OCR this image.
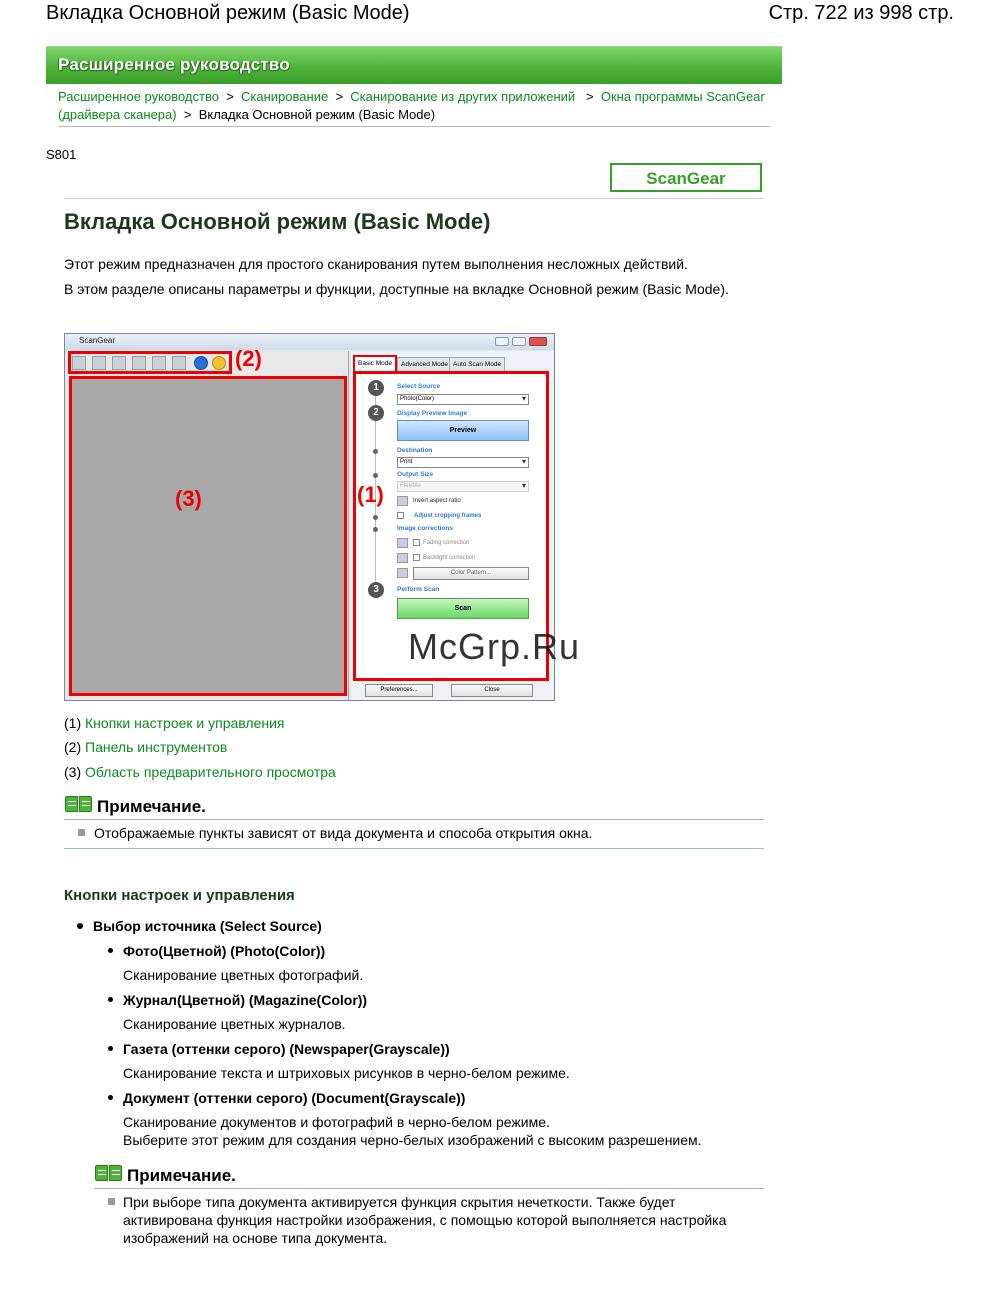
Вкладка Основной режим (Basic Mode)	Стр. 722 из 998 стр.
Расширенное руководство
Расширенное руководство > Сканирование > Сканирование из других приложений > Окна программы ScanGear
(драйвера сканера) > Вкладка Основной режим (Basic Mode)
S801
ScanGear
Вкладка Основной режим (Basic Mode)

Этот режим предназначен для простого сканирования путем выполнения несложных действий.

В этом разделе описаны параметры и функции, доступные на вкладке Основной режим (Basic Mode).

ScanGear
(2)
(3)
Basic Mode	Advanced Mode Auto Scan Mode
1	Select Source
Photo(Color) ▾
2	Display Preview Image
Preview
Destination
Print ▾
Output Size
Flexible ▾
Invert aspect ratio
Adjust cropping frames
Image corrections
Fading correction
Backlight correction
Color Pattern...
3	Perform Scan
Scan
(1)
Preferences...	Close
McGrp.Ru
(1) Кнопки настроек и управления
(2) Панель инструментов
(3) Область предварительного просмотра
Примечание.
Отображаемые пункты зависят от вида документа и способа открытия окна.
Кнопки настроек и управления
Выбор источника (Select Source)
Фото(Цветной) (Photo(Color))
Сканирование цветных фотографий.
Журнал(Цветной) (Magazine(Color))
Сканирование цветных журналов.
Газета (оттенки серого) (Newspaper(Grayscale))
Сканирование текста и штриховых рисунков в черно-белом режиме.
Документ (оттенки серого) (Document(Grayscale))
Сканирование документов и фотографий в черно-белом режиме.
Выберите этот режим для создания черно-белых изображений с высоким разрешением.
Примечание.
При выборе типа документа активируется функция скрытия нечеткости. Также будет активирована функция настройки изображения, с помощью которой выполняется настройка изображений на основе типа документа.
